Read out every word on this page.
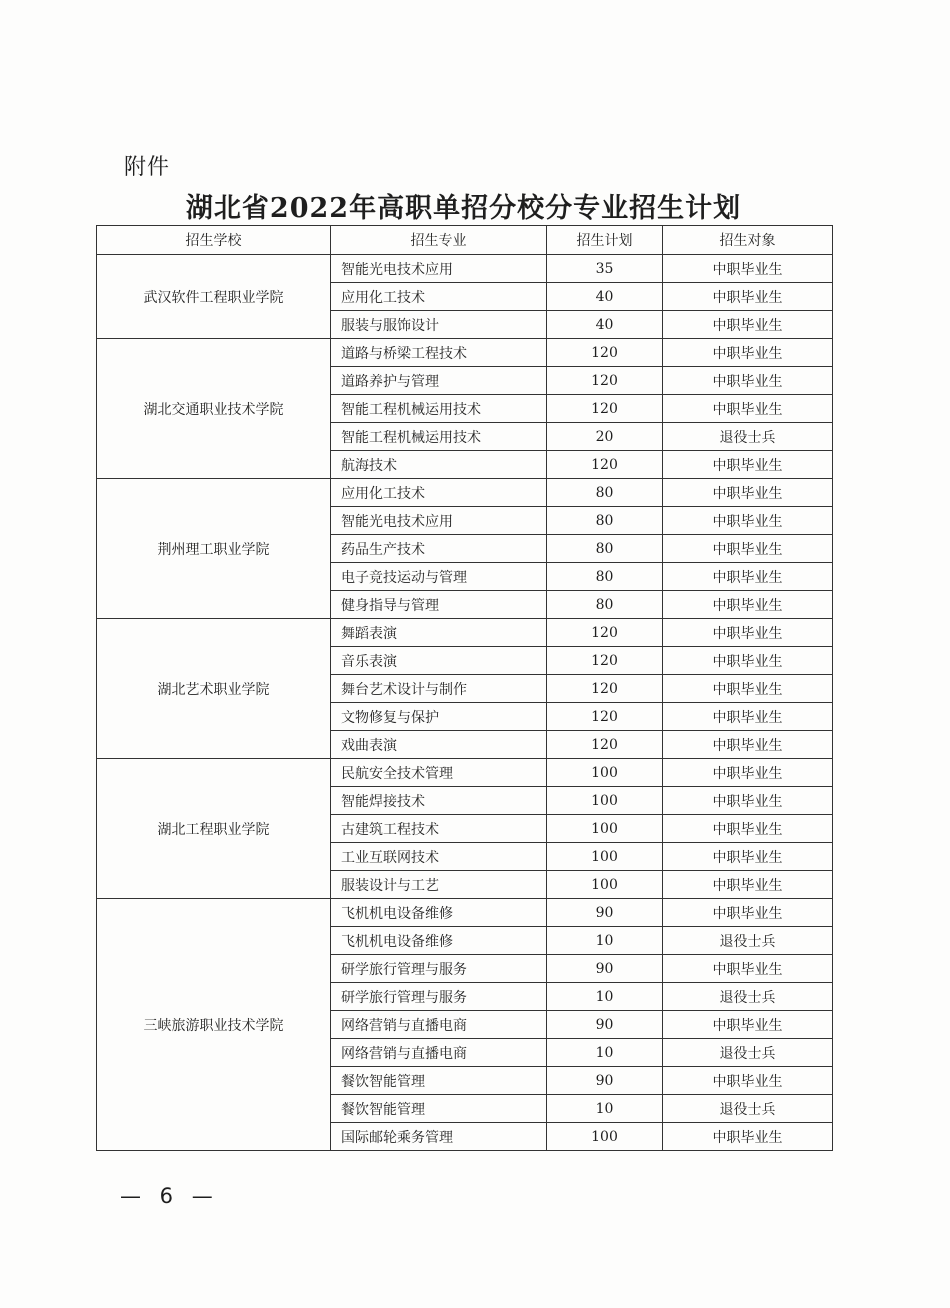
附件
湖北省2022年高职单招分校分专业招生计划
招生学校	招生专业	招生计划	招生对象
武汉软件工程职业学院	智能光电技术应用	35	中职毕业生
	应用化工技术	40	中职毕业生
	服装与服饰设计	40	中职毕业生
湖北交通职业技术学院	道路与桥梁工程技术	120	中职毕业生
	道路养护与管理	120	中职毕业生
	智能工程机械运用技术	120	中职毕业生
	智能工程机械运用技术	20	退役士兵
	航海技术	120	中职毕业生
荆州理工职业学院	应用化工技术	80	中职毕业生
	智能光电技术应用	80	中职毕业生
	药品生产技术	80	中职毕业生
	电子竞技运动与管理	80	中职毕业生
	健身指导与管理	80	中职毕业生
湖北艺术职业学院	舞蹈表演	120	中职毕业生
	音乐表演	120	中职毕业生
	舞台艺术设计与制作	120	中职毕业生
	文物修复与保护	120	中职毕业生
	戏曲表演	120	中职毕业生
湖北工程职业学院	民航安全技术管理	100	中职毕业生
	智能焊接技术	100	中职毕业生
	古建筑工程技术	100	中职毕业生
	工业互联网技术	100	中职毕业生
	服装设计与工艺	100	中职毕业生
三峡旅游职业技术学院	飞机机电设备维修	90	中职毕业生
	飞机机电设备维修	10	退役士兵
	研学旅行管理与服务	90	中职毕业生
	研学旅行管理与服务	10	退役士兵
	网络营销与直播电商	90	中职毕业生
	网络营销与直播电商	10	退役士兵
	餐饮智能管理	90	中职毕业生
	餐饮智能管理	10	退役士兵
	国际邮轮乘务管理	100	中职毕业生
— 6 —
